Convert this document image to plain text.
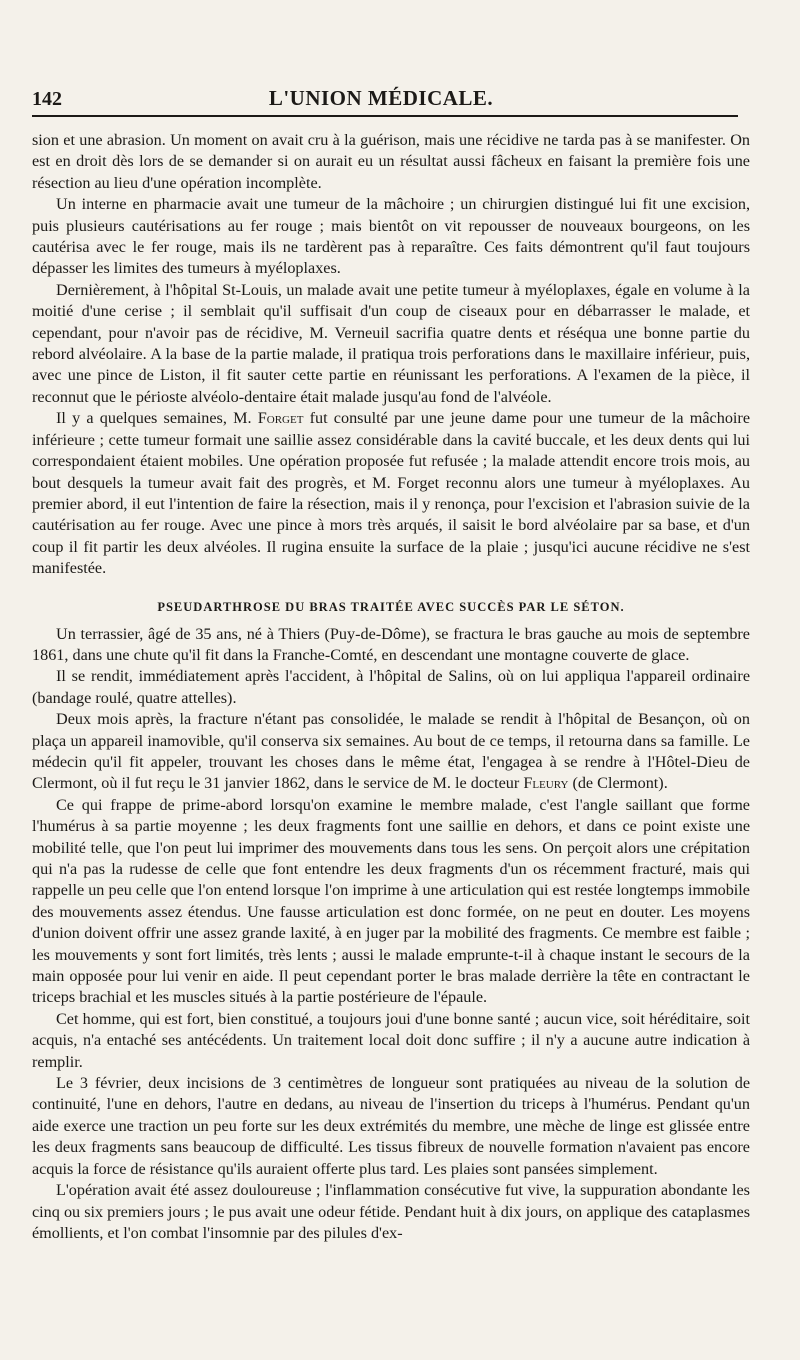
142	L'UNION MÉDICALE.

sion et une abrasion. Un moment on avait cru à la guérison, mais une récidive ne tarda pas à se manifester. On est en droit dès lors de se demander si on aurait eu un résultat aussi fâcheux en faisant la première fois une résection au lieu d'une opération incomplète.

Un interne en pharmacie avait une tumeur de la mâchoire ; un chirurgien distingué lui fit une excision, puis plusieurs cautérisations au fer rouge ; mais bientôt on vit repousser de nouveaux bourgeons, on les cautérisa avec le fer rouge, mais ils ne tardèrent pas à reparaître. Ces faits démontrent qu'il faut toujours dépasser les limites des tumeurs à myéloplaxes.

Dernièrement, à l'hôpital St-Louis, un malade avait une petite tumeur à myéloplaxes, égale en volume à la moitié d'une cerise ; il semblait qu'il suffisait d'un coup de ciseaux pour en débarrasser le malade, et cependant, pour n'avoir pas de récidive, M. Verneuil sacrifia quatre dents et réséqua une bonne partie du rebord alvéolaire. A la base de la partie malade, il pratiqua trois perforations dans le maxillaire inférieur, puis, avec une pince de Liston, il fit sauter cette partie en réunissant les perforations. A l'examen de la pièce, il reconnut que le périoste alvéolo-dentaire était malade jusqu'au fond de l'alvéole.

Il y a quelques semaines, M. Forget fut consulté par une jeune dame pour une tumeur de la mâchoire inférieure ; cette tumeur formait une saillie assez considérable dans la cavité buccale, et les deux dents qui lui correspondaient étaient mobiles. Une opération proposée fut refusée ; la malade attendit encore trois mois, au bout desquels la tumeur avait fait des progrès, et M. Forget reconnu alors une tumeur à myéloplaxes. Au premier abord, il eut l'intention de faire la résection, mais il y renonça, pour l'excision et l'abrasion suivie de la cautérisation au fer rouge. Avec une pince à mors très arqués, il saisit le bord alvéolaire par sa base, et d'un coup il fit partir les deux alvéoles. Il rugina ensuite la surface de la plaie ; jusqu'ici aucune récidive ne s'est manifestée.

PSEUDARTHROSE DU BRAS TRAITÉE AVEC SUCCÈS PAR LE SÉTON.

Un terrassier, âgé de 35 ans, né à Thiers (Puy-de-Dôme), se fractura le bras gauche au mois de septembre 1861, dans une chute qu'il fit dans la Franche-Comté, en descendant une montagne couverte de glace.

Il se rendit, immédiatement après l'accident, à l'hôpital de Salins, où on lui appliqua l'appareil ordinaire (bandage roulé, quatre attelles).

Deux mois après, la fracture n'étant pas consolidée, le malade se rendit à l'hôpital de Besançon, où on plaça un appareil inamovible, qu'il conserva six semaines. Au bout de ce temps, il retourna dans sa famille. Le médecin qu'il fit appeler, trouvant les choses dans le même état, l'engagea à se rendre à l'Hôtel-Dieu de Clermont, où il fut reçu le 31 janvier 1862, dans le service de M. le docteur Fleury (de Clermont).

Ce qui frappe de prime-abord lorsqu'on examine le membre malade, c'est l'angle saillant que forme l'humérus à sa partie moyenne ; les deux fragments font une saillie en dehors, et dans ce point existe une mobilité telle, que l'on peut lui imprimer des mouvements dans tous les sens. On perçoit alors une crépitation qui n'a pas la rudesse de celle que font entendre les deux fragments d'un os récemment fracturé, mais qui rappelle un peu celle que l'on entend lorsque l'on imprime à une articulation qui est restée longtemps immobile des mouvements assez étendus. Une fausse articulation est donc formée, on ne peut en douter. Les moyens d'union doivent offrir une assez grande laxité, à en juger par la mobilité des fragments. Ce membre est faible ; les mouvements y sont fort limités, très lents ; aussi le malade emprunte-t-il à chaque instant le secours de la main opposée pour lui venir en aide. Il peut cependant porter le bras malade derrière la tête en contractant le triceps brachial et les muscles situés à la partie postérieure de l'épaule.

Cet homme, qui est fort, bien constitué, a toujours joui d'une bonne santé ; aucun vice, soit héréditaire, soit acquis, n'a entaché ses antécédents. Un traitement local doit donc suffire ; il n'y a aucune autre indication à remplir.

Le 3 février, deux incisions de 3 centimètres de longueur sont pratiquées au niveau de la solution de continuité, l'une en dehors, l'autre en dedans, au niveau de l'insertion du triceps à l'humérus. Pendant qu'un aide exerce une traction un peu forte sur les deux extrémités du membre, une mèche de linge est glissée entre les deux fragments sans beaucoup de difficulté. Les tissus fibreux de nouvelle formation n'avaient pas encore acquis la force de résistance qu'ils auraient offerte plus tard. Les plaies sont pansées simplement.

L'opération avait été assez douloureuse ; l'inflammation consécutive fut vive, la suppuration abondante les cinq ou six premiers jours ; le pus avait une odeur fétide. Pendant huit à dix jours, on applique des cataplasmes émollients, et l'on combat l'insomnie par des pilules d'ex-
